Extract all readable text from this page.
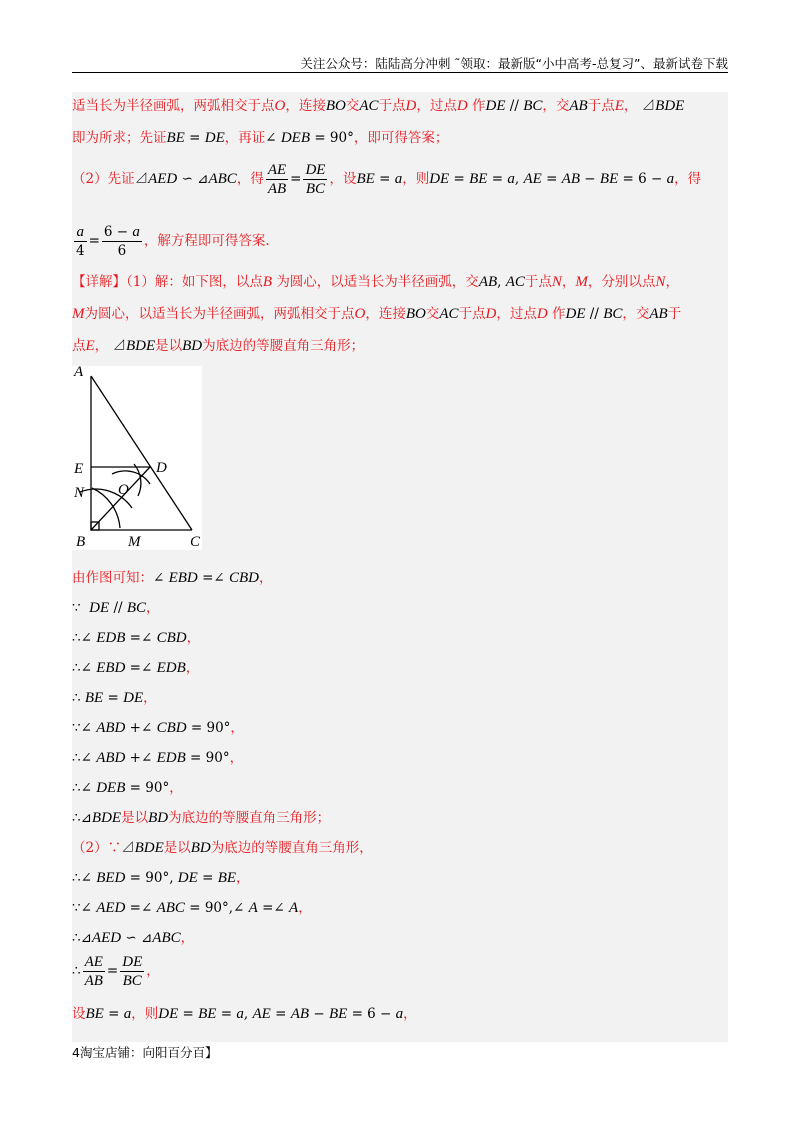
关注公众号：陆陆高分冲刺 ˜领取：最新版“小中高考-总复习”、最新试卷下载
适当长为半径画弧，两弧相交于点O，连接BO交AC于点D，过点D 作DE // BC，交AB于点E， ⊿BDE
即为所求；先证BE = DE，再证∠ DEB = 90°，即可得答案；
（2）先证⊿AED ∽ ⊿ABC，得 $\frac{AE}{AB} = \frac{DE}{BC}$ ，设BE = a，则DE = BE = a, AE = AB − BE = 6 − a，得
$\frac{a}{4} = \frac{6 - a}{6}$ ，解方程即可得答案.
【详解】（1）解：如下图，以点B 为圆心，以适当长为半径画弧，交AB, AC于点N，M，分别以点N，
M为圆心，以适当长为半径画弧，两弧相交于点O，连接BO交AC于点D，过点D 作DE // BC，交AB于
点E， ⊿BDE是以BD为底边的等腰直角三角形；
A
E	D
N O
B	M	C
由作图可知：∠ EBD =∠ CBD，
∵  DE // BC，
∴∠ EDB =∠ CBD，
∴∠ EBD =∠ EDB，
∴ BE = DE，
∵∠ ABD +∠ CBD = 90°，
∴∠ ABD +∠ EDB = 90°，
∴∠ DEB = 90°，
∴⊿BDE是以BD为底边的等腰直角三角形；
（2）∵⊿BDE是以BD为底边的等腰直角三角形，
∴∠ BED = 90°, DE = BE，
∵∠ AED =∠ ABC = 90°,∠ A =∠ A，
∴⊿AED ∽ ⊿ABC，
∴ $\frac{AE}{AB} = \frac{DE}{BC}$ ，
设BE = a，则DE = BE = a, AE = AB − BE = 6 − a，
4淘宝店铺：向阳百分百】
